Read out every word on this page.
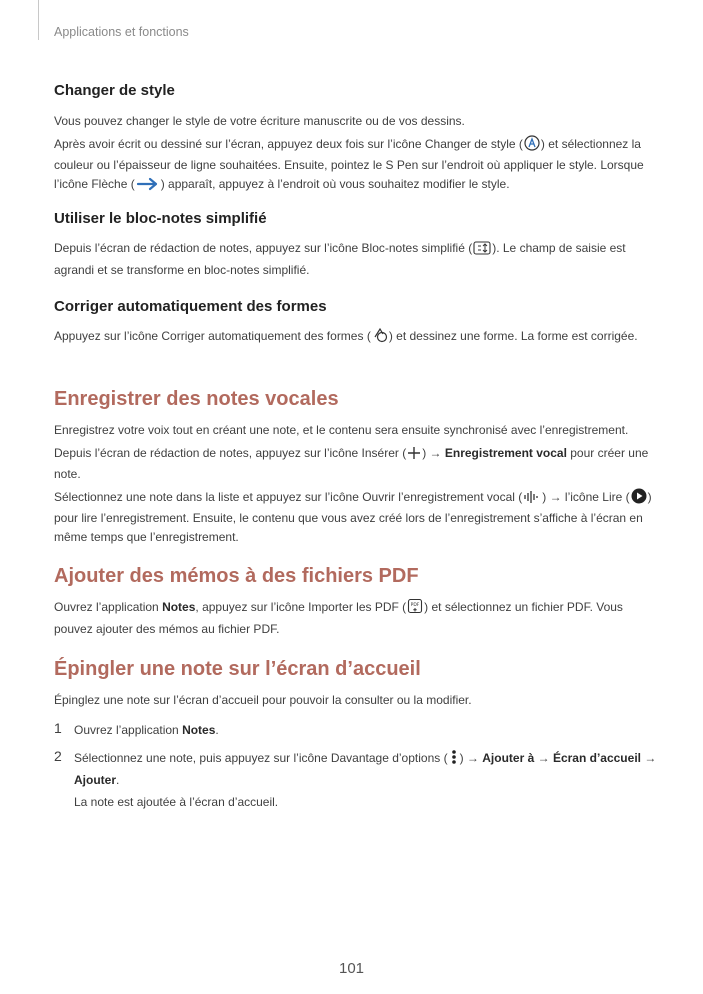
Applications et fonctions
Changer de style

Vous pouvez changer le style de votre écriture manuscrite ou de vos dessins.

Après avoir écrit ou dessiné sur l’écran, appuyez deux fois sur l’icône Changer de style ( ) et sélectionnez la couleur ou l’épaisseur de ligne souhaitées. Ensuite, pointez le S Pen sur l’endroit où appliquer le style. Lorsque l’icône Flèche ( ) apparaît, appuyez à l’endroit où vous souhaitez modifier le style.

Utiliser le bloc-notes simplifié

Depuis l’écran de rédaction de notes, appuyez sur l’icône Bloc-notes simplifié ( ). Le champ de saisie est agrandi et se transforme en bloc-notes simplifié.

Corriger automatiquement des formes

Appuyez sur l’icône Corriger automatiquement des formes ( ) et dessinez une forme. La forme est corrigée.

Enregistrer des notes vocales

Enregistrez votre voix tout en créant une note, et le contenu sera ensuite synchronisé avec l’enregistrement.

Depuis l’écran de rédaction de notes, appuyez sur l’icône Insérer ( ) → Enregistrement vocal pour créer une note.

Sélectionnez une note dans la liste et appuyez sur l’icône Ouvrir l’enregistrement vocal ( ) → l’icône Lire ( ) pour lire l’enregistrement. Ensuite, le contenu que vous avez créé lors de l’enregistrement s’affiche à l’écran en même temps que l’enregistrement.

Ajouter des mémos à des fichiers PDF

Ouvrez l’application Notes, appuyez sur l’icône Importer les PDF ( PDF ) et sélectionnez un fichier PDF. Vous pouvez ajouter des mémos au fichier PDF.

Épingler une note sur l’écran d’accueil

Épinglez une note sur l’écran d’accueil pour pouvoir la consulter ou la modifier.

1 Ouvrez l’application Notes.

2 Sélectionnez une note, puis appuyez sur l’icône Davantage d’options ( ) → Ajouter à → Écran d’accueil → Ajouter.

La note est ajoutée à l’écran d’accueil.

101
